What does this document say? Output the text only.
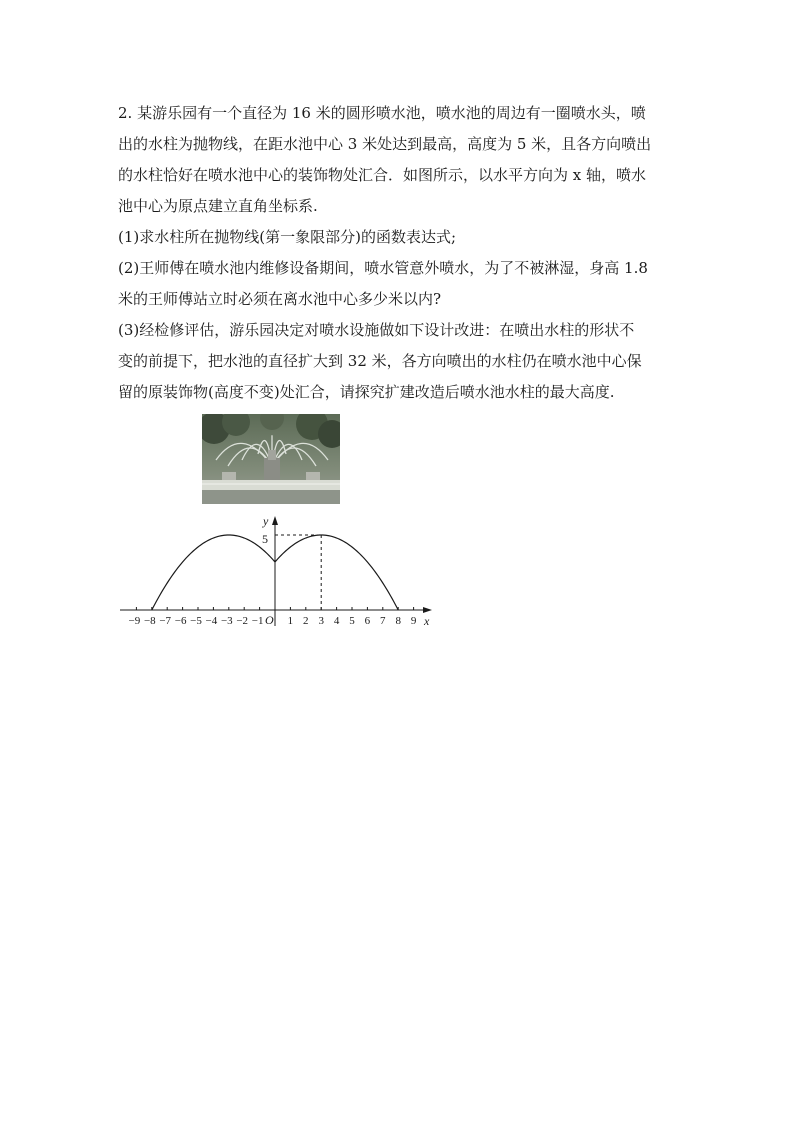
2. 某游乐园有一个直径为 16 米的圆形喷水池，喷水池的周边有一圈喷水头，喷

出的水柱为抛物线，在距水池中心 3 米处达到最高，高度为 5 米，且各方向喷出

的水柱恰好在喷水池中心的装饰物处汇合．如图所示，以水平方向为 x 轴，喷水

池中心为原点建立直角坐标系.

(1)求水柱所在抛物线(第一象限部分)的函数表达式;

(2)王师傅在喷水池内维修设备期间，喷水管意外喷水，为了不被淋湿，身高 1.8

米的王师傅站立时必须在离水池中心多少米以内?

(3)经检修评估，游乐园决定对喷水设施做如下设计改进：在喷出水柱的形状不

变的前提下，把水池的直径扩大到 32 米，各方向喷出的水柱仍在喷水池中心保

留的原装饰物(高度不变)处汇合，请探究扩建改造后喷水池水柱的最大高度.

y
x
O
5
−9 −8 −7 −6 −5 −4 −3 −2 −1 1 2 3 4 5 6 7 8 9
